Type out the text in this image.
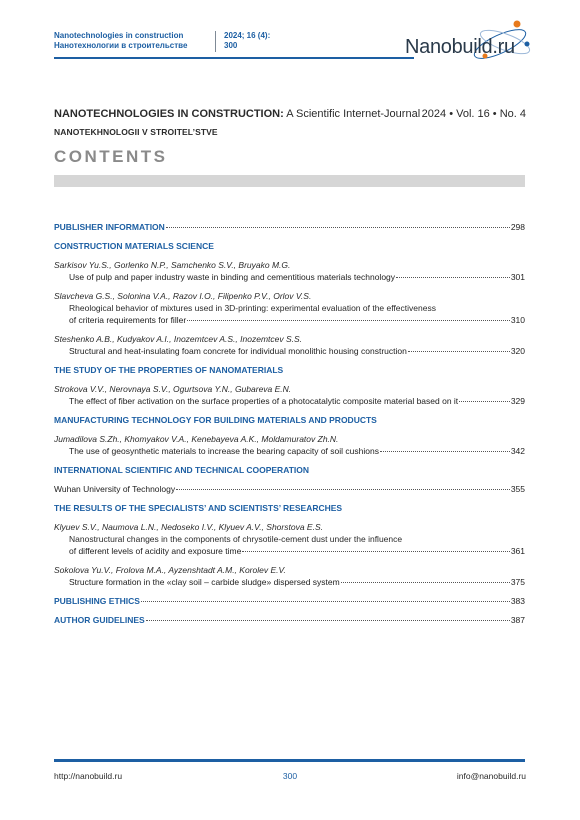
Nanotechnologies in construction
Нанотехнологии в строительстве
2024; 16 (4):
300	Nanobuild.ru
NANOTECHNOLOGIES IN CONSTRUCTION: A Scientific Internet-Journal 2024 • Vol. 16 • No. 4
NANOTEKHNOLOGII V STROITEL’STVE
CONTENTS
PUBLISHER INFORMATION	298
CONSTRUCTION MATERIALS SCIENCE
Sarkisov Yu.S., Gorlenko N.P., Samchenko S.V., Bruyako M.G.
Use of pulp and paper industry waste in binding and cementitious materials technology	301
Slavcheva G.S., Solonina V.A., Razov I.O., Filipenko P.V., Orlov V.S.
Rheological behavior of mixtures used in 3D-printing: experimental evaluation of the effectiveness
of criteria requirements for filler	310
Steshenko A.B., Kudyakov A.I., Inozemtcev A.S., Inozemtcev S.S.
Structural and heat-insulating foam concrete for individual monolithic housing construction	320
THE STUDY OF THE PROPERTIES OF NANOMATERIALS
Strokova V.V., Nerovnaya S.V., Ogurtsova Y.N., Gubareva E.N.
The effect of fiber activation on the surface properties of a photocatalytic composite material based on it	329
MANUFACTURING TECHNOLOGY FOR BUILDING MATERIALS AND PRODUCTS
Jumadilova S.Zh., Khomyakov V.A., Kenebayeva A.K., Moldamuratov Zh.N.
The use of geosynthetic materials to increase the bearing capacity of soil cushions	342
INTERNATIONAL SCIENTIFIC AND TECHNICAL COOPERATION
Wuhan University of Technology	355
THE RESULTS OF THE SPECIALISTS’ AND SCIENTISTS’ RESEARCHES
Klyuev S.V., Naumova L.N., Nedoseko I.V., Klyuev A.V., Shorstova E.S.
Nanostructural changes in the components of chrysotile-cement dust under the influence
of different levels of acidity and exposure time	361
Sokolova Yu.V., Frolova M.A., Ayzenshtadt A.M., Korolev E.V.
Structure formation in the «clay soil – carbide sludge» dispersed system	375
PUBLISHING ETHICS	383
AUTHOR GUIDELINES	387
http://nanobuild.ru	300	info@nanobuild.ru
